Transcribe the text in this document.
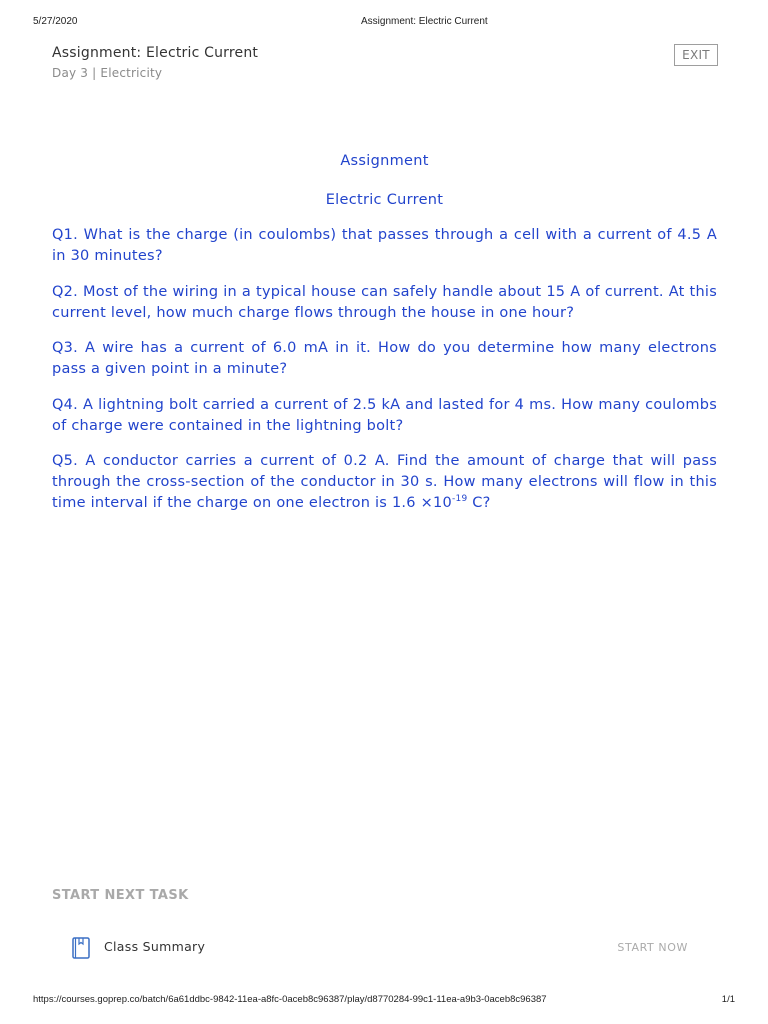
5/27/2020	Assignment: Electric Current
Assignment: Electric Current
Day 3 | Electricity
EXIT
Assignment
Electric Current

Q1. What is the charge (in coulombs) that passes through a cell with a current of 4.5 A in 30 minutes?

Q2. Most of the wiring in a typical house can safely handle about 15 A of current. At this current level, how much charge flows through the house in one hour?

Q3. A wire has a current of 6.0 mA in it. How do you determine how many electrons pass a given point in a minute?

Q4. A lightning bolt carried a current of 2.5 kA and lasted for 4 ms. How many coulombs of charge were contained in the lightning bolt?

Q5. A conductor carries a current of 0.2 A. Find the amount of charge that will pass through the cross-section of the conductor in 30 s. How many electrons will flow in this time interval if the charge on one electron is $1.6 \times 10^{-19}$ C?

START NEXT TASK
Class Summary	START NOW
https://courses.goprep.co/batch/6a61ddbc-9842-11ea-a8fc-0aceb8c96387/play/d8770284-99c1-11ea-a9b3-0aceb8c96387	1/1
